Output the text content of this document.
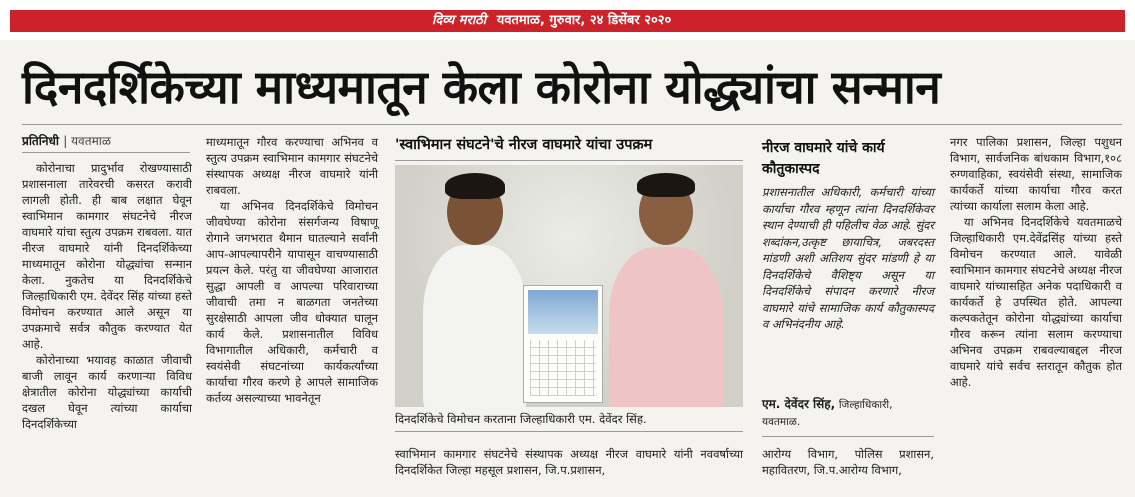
दिव्य मराठी यवतमाळ, गुरुवार, २४ डिसेंबर २०२०
दिनदर्शिकेच्या माध्यमातून केला कोरोना योद्ध्यांचा सन्मान
प्रतिनिधी | यवतमाळ

कोरोनाचा प्रादुर्भाव रोखण्यासाठी प्रशासनाला तारेवरची कसरत करावी लागली होती. ही बाब लक्षात घेवून स्वाभिमान कामगार संघटनेचे नीरज वाघमारे यांचा स्तुत्य उपक्रम राबवला. यात नीरज वाघमारे यांनी दिनदर्शिकेच्या माध्यमातून कोरोना योद्ध्यांचा सन्मान केला. नुकतेच या दिनदर्शिकेचे जिल्हाधिकारी एम. देवेंदर सिंह यांच्या हस्ते विमोचन करण्यात आले असून या उपक्रमाचे सर्वत्र कौतुक करण्यात येत आहे.

कोरोनाच्या भयावह काळात जीवाची बाजी लावून कार्य करणाऱ्या विविध क्षेत्रातील कोरोना योद्ध्यांच्या कार्याची दखल घेवून त्यांच्या कार्याचा दिनदर्शिकेच्या

माध्यमातून गौरव करण्याचा अभिनव व स्तुत्य उपक्रम स्वाभिमान कामगार संघटनेचे संस्थापक अध्यक्ष नीरज वाघमारे यांनी राबवला.

या अभिनव दिनदर्शिकेचे विमोचन जीवघेण्या कोरोना संसर्गजन्य विषाणू रोगाने जगभरात थैमान घातल्याने सर्वांनी आप-आपल्यापरीने यापासून वाचण्यासाठी प्रयत्न केले. परंतु या जीवघेण्या आजारात सुद्धा आपली व आपल्या परिवाराच्या जीवाची तमा न बाळगता जनतेच्या सुरक्षेसाठी आपला जीव धोक्यात घालून कार्य केले. प्रशासनातील विविध विभागातील अधिकारी, कर्मचारी व स्वयंसेवी संघटनांच्या कार्यकर्त्यांच्या कार्याचा गौरव करणे हे आपले सामाजिक कर्तव्य असल्याच्या भावनेतून

'स्वाभिमान संघटने'चे नीरज वाघमारे यांचा उपक्रम
दिनदर्शिकेचे विमोचन करताना जिल्हाधिकारी एम. देवेंदर सिंह.
स्वाभिमान कामगार संघटनेचे संस्थापक अध्यक्ष नीरज वाघमारे यांनी नववर्षाच्या दिनदर्शिकेत जिल्हा महसूल प्रशासन, जि.प.प्रशासन,
नीरज वाघमारे यांचे कार्य कौतुकास्पद
प्रशासनातील अधिकारी, कर्मचारी यांच्या कार्याचा गौरव म्हणून त्यांना दिनदर्शिकेवर स्थान देण्याची ही पहिलीच वेळ आहे. सुंदर शब्दांकन,उत्कृष्ट छायाचित्र, जबरदस्त मांडणी अशी अतिशय सुंदर मांडणी हे या दिनदर्शिकेचे वैशिष्ट्य असून या दिनदर्शिकेचे संपादन करणारे नीरज वाघमारे यांचे सामाजिक कार्य कौतुकास्पद व अभिनंदनीय आहे.
एम. देवेंदर सिंह, जिल्हाधिकारी, यवतमाळ.
आरोग्य विभाग, पोलिस प्रशासन, महावितरण, जि.प.आरोग्य विभाग,

नगर पालिका प्रशासन, जिल्हा पशुधन विभाग, सार्वजनिक बांधकाम विभाग,१०८ रुग्णवाहिका, स्वयंसेवी संस्था, सामाजिक कार्यकर्ते यांच्या कार्याचा गौरव करत त्यांच्या कार्याला सलाम केला आहे.

या अभिनव दिनदर्शिकेचे यवतमाळचे जिल्हाधिकारी एम.देवेंद्रसिंह यांच्या हस्ते विमोचन करण्यात आले. यावेळी स्वाभिमान कामगार संघटनेचे अध्यक्ष नीरज वाघमारे यांच्यासहित अनेक पदाधिकारी व कार्यकर्ते हे उपस्थित होते. आपल्या कल्पकतेतून कोरोना योद्ध्यांच्या कार्याचा गौरव करून त्यांना सलाम करण्याचा अभिनव उपक्रम राबवल्याबद्दल नीरज वाघमारे यांचे सर्वच स्तरातून कौतुक होत आहे.
